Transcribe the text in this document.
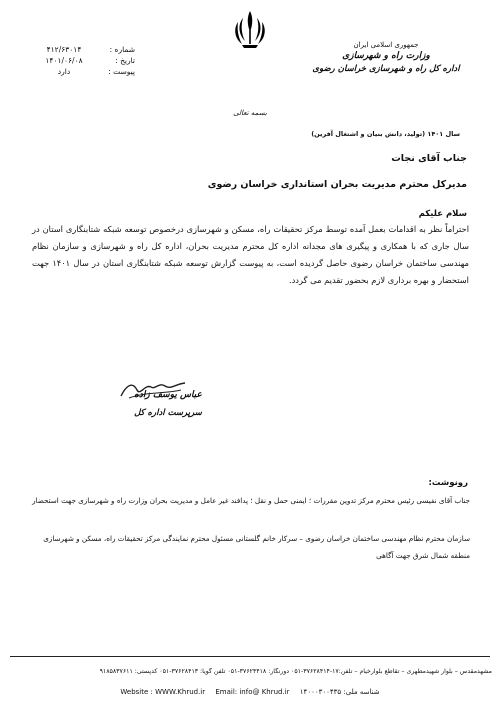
جمهوری اسلامی ایران
وزارت راه و شهرسازی
اداره کل راه و شهرسازی خراسان رضوی
شماره :
۴۱۲/۶۳۰۱۴
تاریخ :
۱۴۰۱/۰۶/۰۸
پیوست :
دارد
بسمه تعالی
سال ۱۴۰۱ (تولید، دانش بنیان و اشتغال آفرین)
جناب آقای نجات
مدیرکل محترم مدیریت بحران استانداری خراسان رضوی
سلام علیکم
احتراماً نظر به اقدامات بعمل آمده توسط مرکز تحقیقات راه، مسکن و شهرسازی درخصوص توسعه شبکه شتابنگاری استان در سال جاری که با همکاری و پیگیری های مجدانه اداره کل محترم مدیریت بحران، اداره کل راه و شهرسازی و سازمان نظام مهندسی ساختمان خراسان رضوی حاصل گردیده است، به پیوست گزارش توسعه شبکه شتابنگاری استان در سال ۱۴۰۱ جهت استحضار و بهره برداری لازم بحضور تقدیم می گردد.
عباس یوسف زاده
سرپرست اداره کل
رونوشت:
جناب آقای نفیسی رئیس محترم مرکز تدوین مقررات ؛ ایمنی حمل و نقل ؛ پدافند غیر عامل و مدیریت بحران وزارت راه و شهرسازی جهت استحضار
سازمان محترم نظام مهندسی ساختمان خراسان رضوی – سرکار خانم گلستانی مسئول محترم نمایندگی مرکز تحقیقات راه، مسکن و شهرسازی منطقه شمال شرق جهت آگاهی
مشهدمقدس – بلوار شهیدمطهری – تقاطع بلوارخیام – تلفن:۱۷-۳۷۶۲۸۴۱۴-۰۵۱ دورنگار: ۳۷۶۲۴۴۱۸-۰۵۱ تلفن گویا: ۳۷۶۲۸۴۱۳-۰۵۱ کدپستی: ۹۱۸۵۸۳۷۶۱۱
Website : WWW.Khrud.ir Email: info@ Khrud.ir شناسه ملی: ۱۴۰۰۰۳۰۰۴۳۵
